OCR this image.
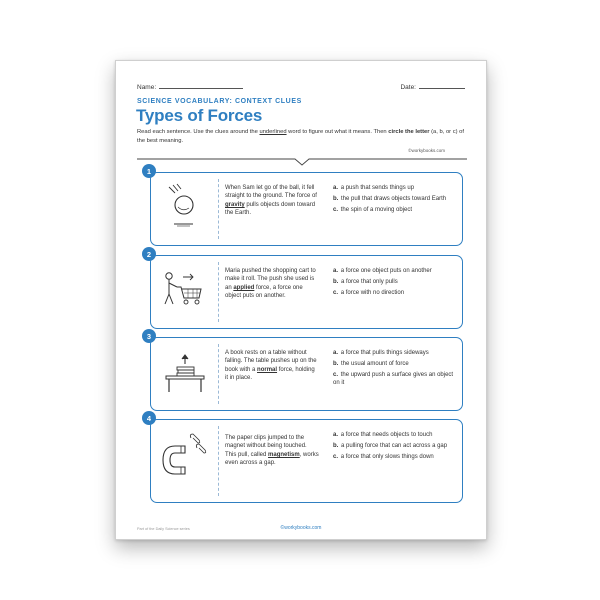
Name:	Date:
SCIENCE VOCABULARY: CONTEXT CLUES
Types of Forces
Read each sentence. Use the clues around the underlined word to figure out what it means. Then circle the letter (a, b, or c) of the best meaning.
©workybooks.com
1
When Sam let go of the ball, it fell straight to the ground. The force of gravity pulls objects down toward the Earth.
a. a push that sends things up
b. the pull that draws objects toward Earth
c. the spin of a moving object
2
Maria pushed the shopping cart to make it roll. The push she used is an applied force, a force one object puts on another.
a. a force one object puts on another
b. a force that only pulls
c. a force with no direction
3
A book rests on a table without falling. The table pushes up on the book with a normal force, holding it in place.
a. a force that pulls things sideways
b. the usual amount of force
c. the upward push a surface gives an object on it
4
The paper clips jumped to the magnet without being touched. This pull, called magnetism, works even across a gap.
a. a force that needs objects to touch
b. a pulling force that can act across a gap
c. a force that only slows things down
Part of the Daily Science series	©workybooks.com
